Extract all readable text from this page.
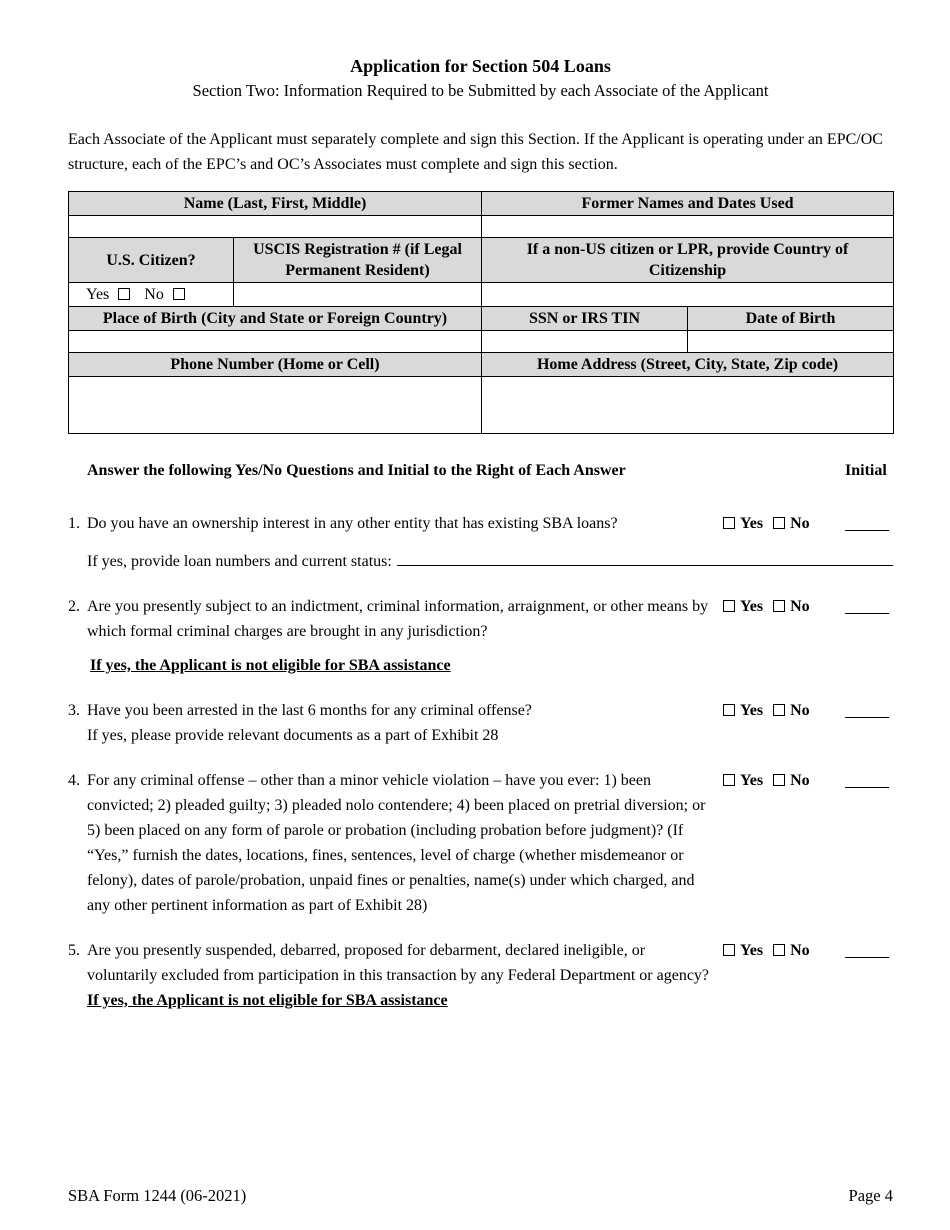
Application for Section 504 Loans
Section Two: Information Required to be Submitted by each Associate of the Applicant
Each Associate of the Applicant must separately complete and sign this Section. If the Applicant is operating under an EPC/OC structure, each of the EPC’s and OC’s Associates must complete and sign this section.
Name (Last, First, Middle)		Former Names and Dates Used	

U.S. Citizen?	USCIS Registration # (if Legal Permanent Resident)	If a non-US citizen or LPR, provide Country of Citizenship	
Yes No			
Place of Birth (City and State or Foreign Country)		SSN or IRS TIN	Date of Birth

Phone Number (Home or Cell)		Home Address (Street, City, State, Zip code)	

Answer the following Yes/No Questions and Initial to the Right of Each Answer	Initial
1. Do you have an ownership interest in any other entity that has existing SBA loans?	Yes No
If yes, provide loan numbers and current status:
2. Are you presently subject to an indictment, criminal information, arraignment, or other means by which formal criminal charges are brought in any jurisdiction?
Yes No
If yes, the Applicant is not eligible for SBA assistance
3. Have you been arrested in the last 6 months for any criminal offense?
If yes, please provide relevant documents as a part of Exhibit 28
Yes No
4. For any criminal offense – other than a minor vehicle violation – have you ever: 1) been convicted; 2) pleaded guilty; 3) pleaded nolo contendere; 4) been placed on pretrial diversion; or 5) been placed on any form of parole or probation (including probation before judgment)? (If “Yes,” furnish the dates, locations, fines, sentences, level of charge (whether misdemeanor or felony), dates of parole/probation, unpaid fines or penalties, name(s) under which charged, and any other pertinent information as part of Exhibit 28)
Yes No
5. Are you presently suspended, debarred, proposed for debarment, declared ineligible, or voluntarily excluded from participation in this transaction by any Federal Department or agency? If yes, the Applicant is not eligible for SBA assistance
Yes No
SBA Form 1244 (06-2021)	Page 4
